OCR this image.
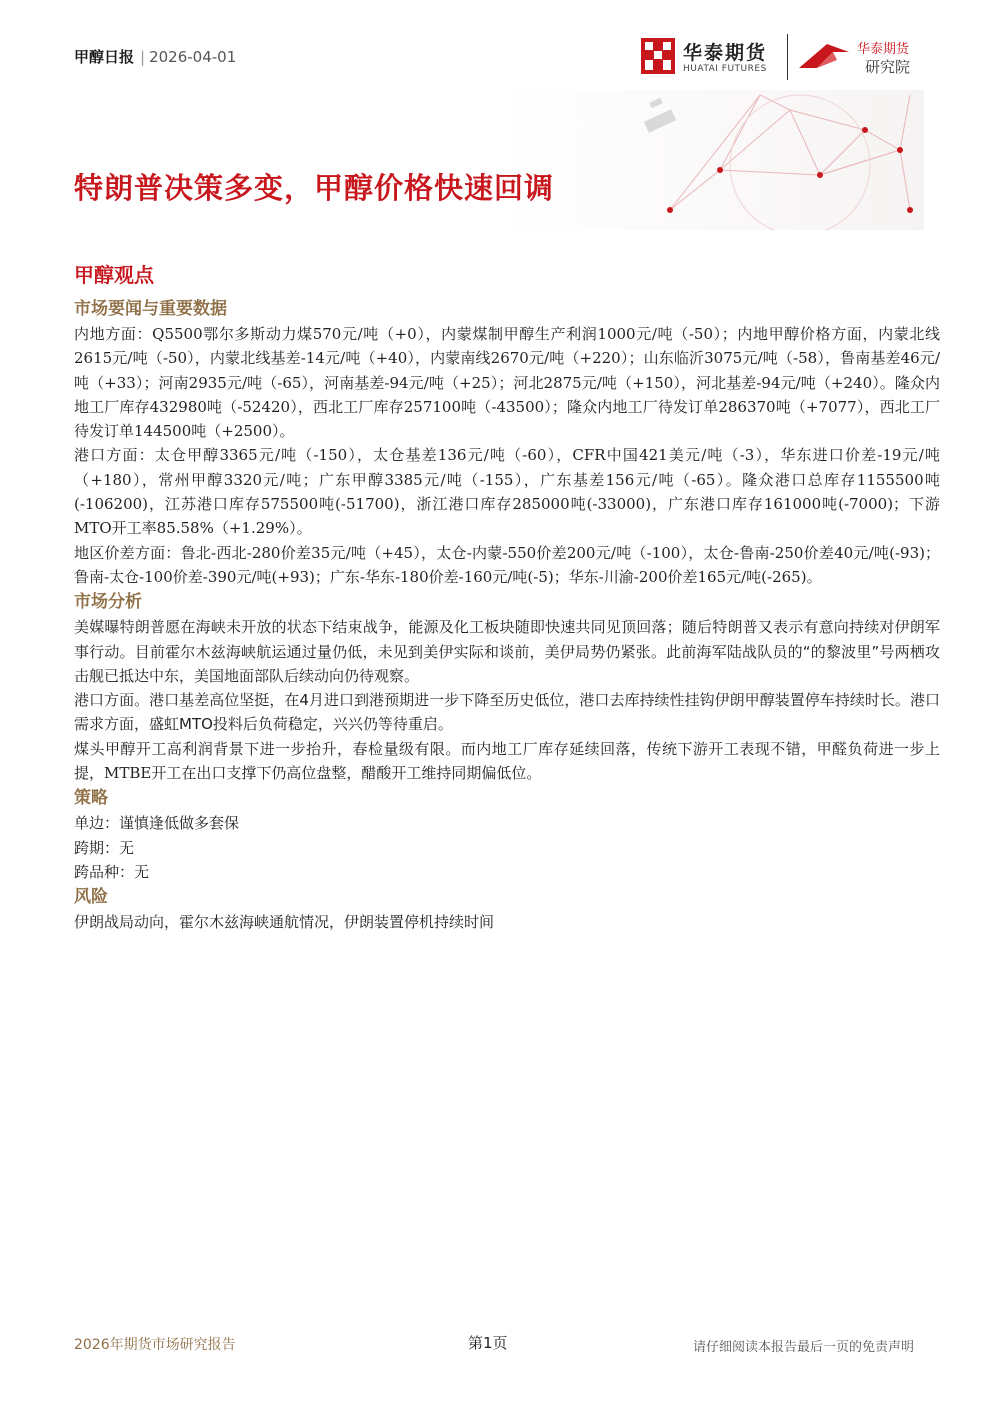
甲醇日报 | 2026-04-01	华泰期货
HUATAI FUTURES
华泰期货
研究院
特朗普决策多变，甲醇价格快速回调
甲醇观点
市场要闻与重要数据

内地方面：Q5500鄂尔多斯动力煤570元/吨（+0），内蒙煤制甲醇生产利润1000元/吨（-50）；内地甲醇价格方面，内蒙北线2615元/吨（-50），内蒙北线基差-14元/吨（+40），内蒙南线2670元/吨（+220）；山东临沂3075元/吨（-58），鲁南基差46元/吨（+33）；河南2935元/吨（-65），河南基差-94元/吨（+25）；河北2875元/吨（+150），河北基差-94元/吨（+240）。隆众内地工厂库存432980吨（-52420），西北工厂库存257100吨（-43500）；隆众内地工厂待发订单286370吨（+7077），西北工厂待发订单144500吨（+2500）。

港口方面：太仓甲醇3365元/吨（-150），太仓基差136元/吨（-60），CFR中国421美元/吨（-3），华东进口价差-19元/吨（+180），常州甲醇3320元/吨；广东甲醇3385元/吨（-155），广东基差156元/吨（-65）。隆众港口总库存1155500吨(-106200)，江苏港口库存575500吨(-51700)，浙江港口库存285000吨(-33000)，广东港口库存161000吨(-7000)；下游MTO开工率85.58%（+1.29%）。

地区价差方面：鲁北-西北-280价差35元/吨（+45），太仓-内蒙-550价差200元/吨（-100），太仓-鲁南-250价差40元/吨(-93)；鲁南-太仓-100价差-390元/吨(+93)；广东-华东-180价差-160元/吨(-5)；华东-川渝-200价差165元/吨(-265)。

市场分析

美媒曝特朗普愿在海峡未开放的状态下结束战争，能源及化工板块随即快速共同见顶回落；随后特朗普又表示有意向持续对伊朗军事行动。目前霍尔木兹海峡航运通过量仍低，未见到美伊实际和谈前，美伊局势仍紧张。此前海军陆战队员的“的黎波里”号两栖攻击舰已抵达中东，美国地面部队后续动向仍待观察。

港口方面。港口基差高位坚挺，在4月进口到港预期进一步下降至历史低位，港口去库持续性挂钩伊朗甲醇装置停车持续时长。港口需求方面，盛虹MTO投料后负荷稳定，兴兴仍等待重启。

煤头甲醇开工高利润背景下进一步抬升，春检量级有限。而内地工厂库存延续回落，传统下游开工表现不错，甲醛负荷进一步上提，MTBE开工在出口支撑下仍高位盘整，醋酸开工维持同期偏低位。

策略

单边：谨慎逢低做多套保

跨期：无

跨品种：无

风险

伊朗战局动向，霍尔木兹海峡通航情况，伊朗装置停机持续时间

2026年期货市场研究报告	第1页	请仔细阅读本报告最后一页的免责声明
